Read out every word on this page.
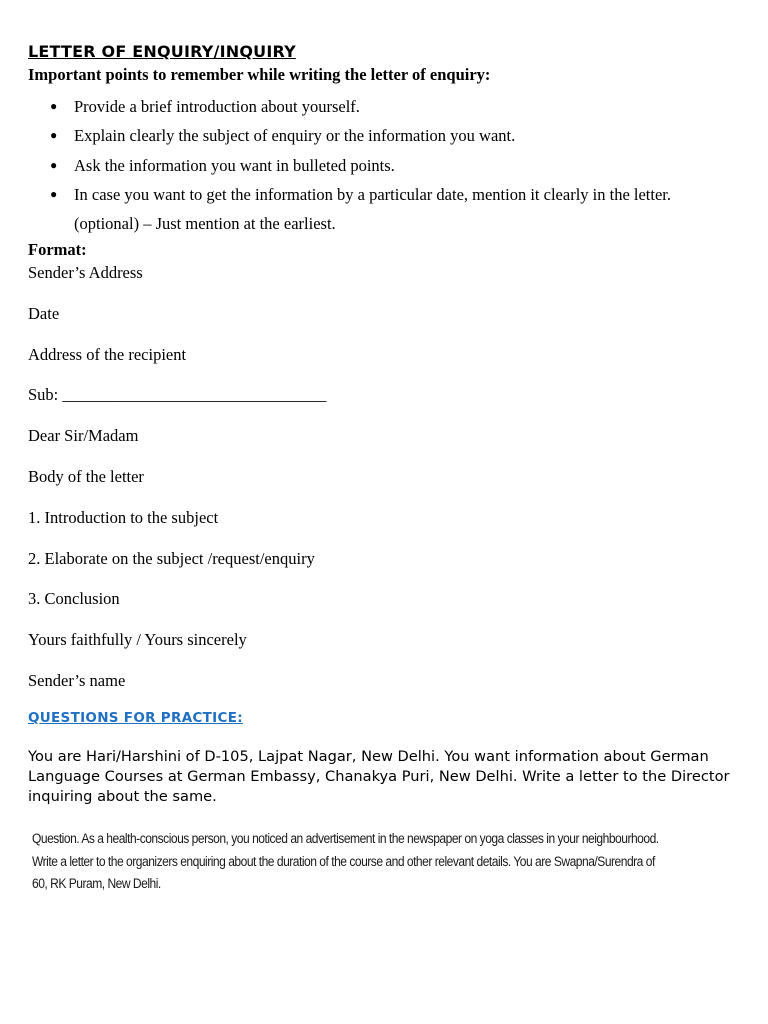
LETTER OF ENQUIRY/INQUIRY
Important points to remember while writing the letter of enquiry:
● Provide a brief introduction about yourself.
● Explain clearly the subject of enquiry or the information you want.
● Ask the information you want in bulleted points.
● In case you want to get the information by a particular date, mention it clearly in the letter.
(optional) – Just mention at the earliest.
Format:
Sender’s Address
Date
Address of the recipient
Sub: ________________________________
Dear Sir/Madam
Body of the letter
1. Introduction to the subject
2. Elaborate on the subject /request/enquiry
3. Conclusion
Yours faithfully / Yours sincerely
Sender’s name
QUESTIONS FOR PRACTICE:
You are Hari/Harshini of D-105, Lajpat Nagar, New Delhi. You want information about German Language Courses at German Embassy, Chanakya Puri, New Delhi. Write a letter to the Director inquiring about the same.
Question. As a health-conscious person, you noticed an advertisement in the newspaper on yoga classes in your neighbourhood.
Write a letter to the organizers enquiring about the duration of the course and other relevant details. You are Swapna/Surendra of
60, RK Puram, New Delhi.
